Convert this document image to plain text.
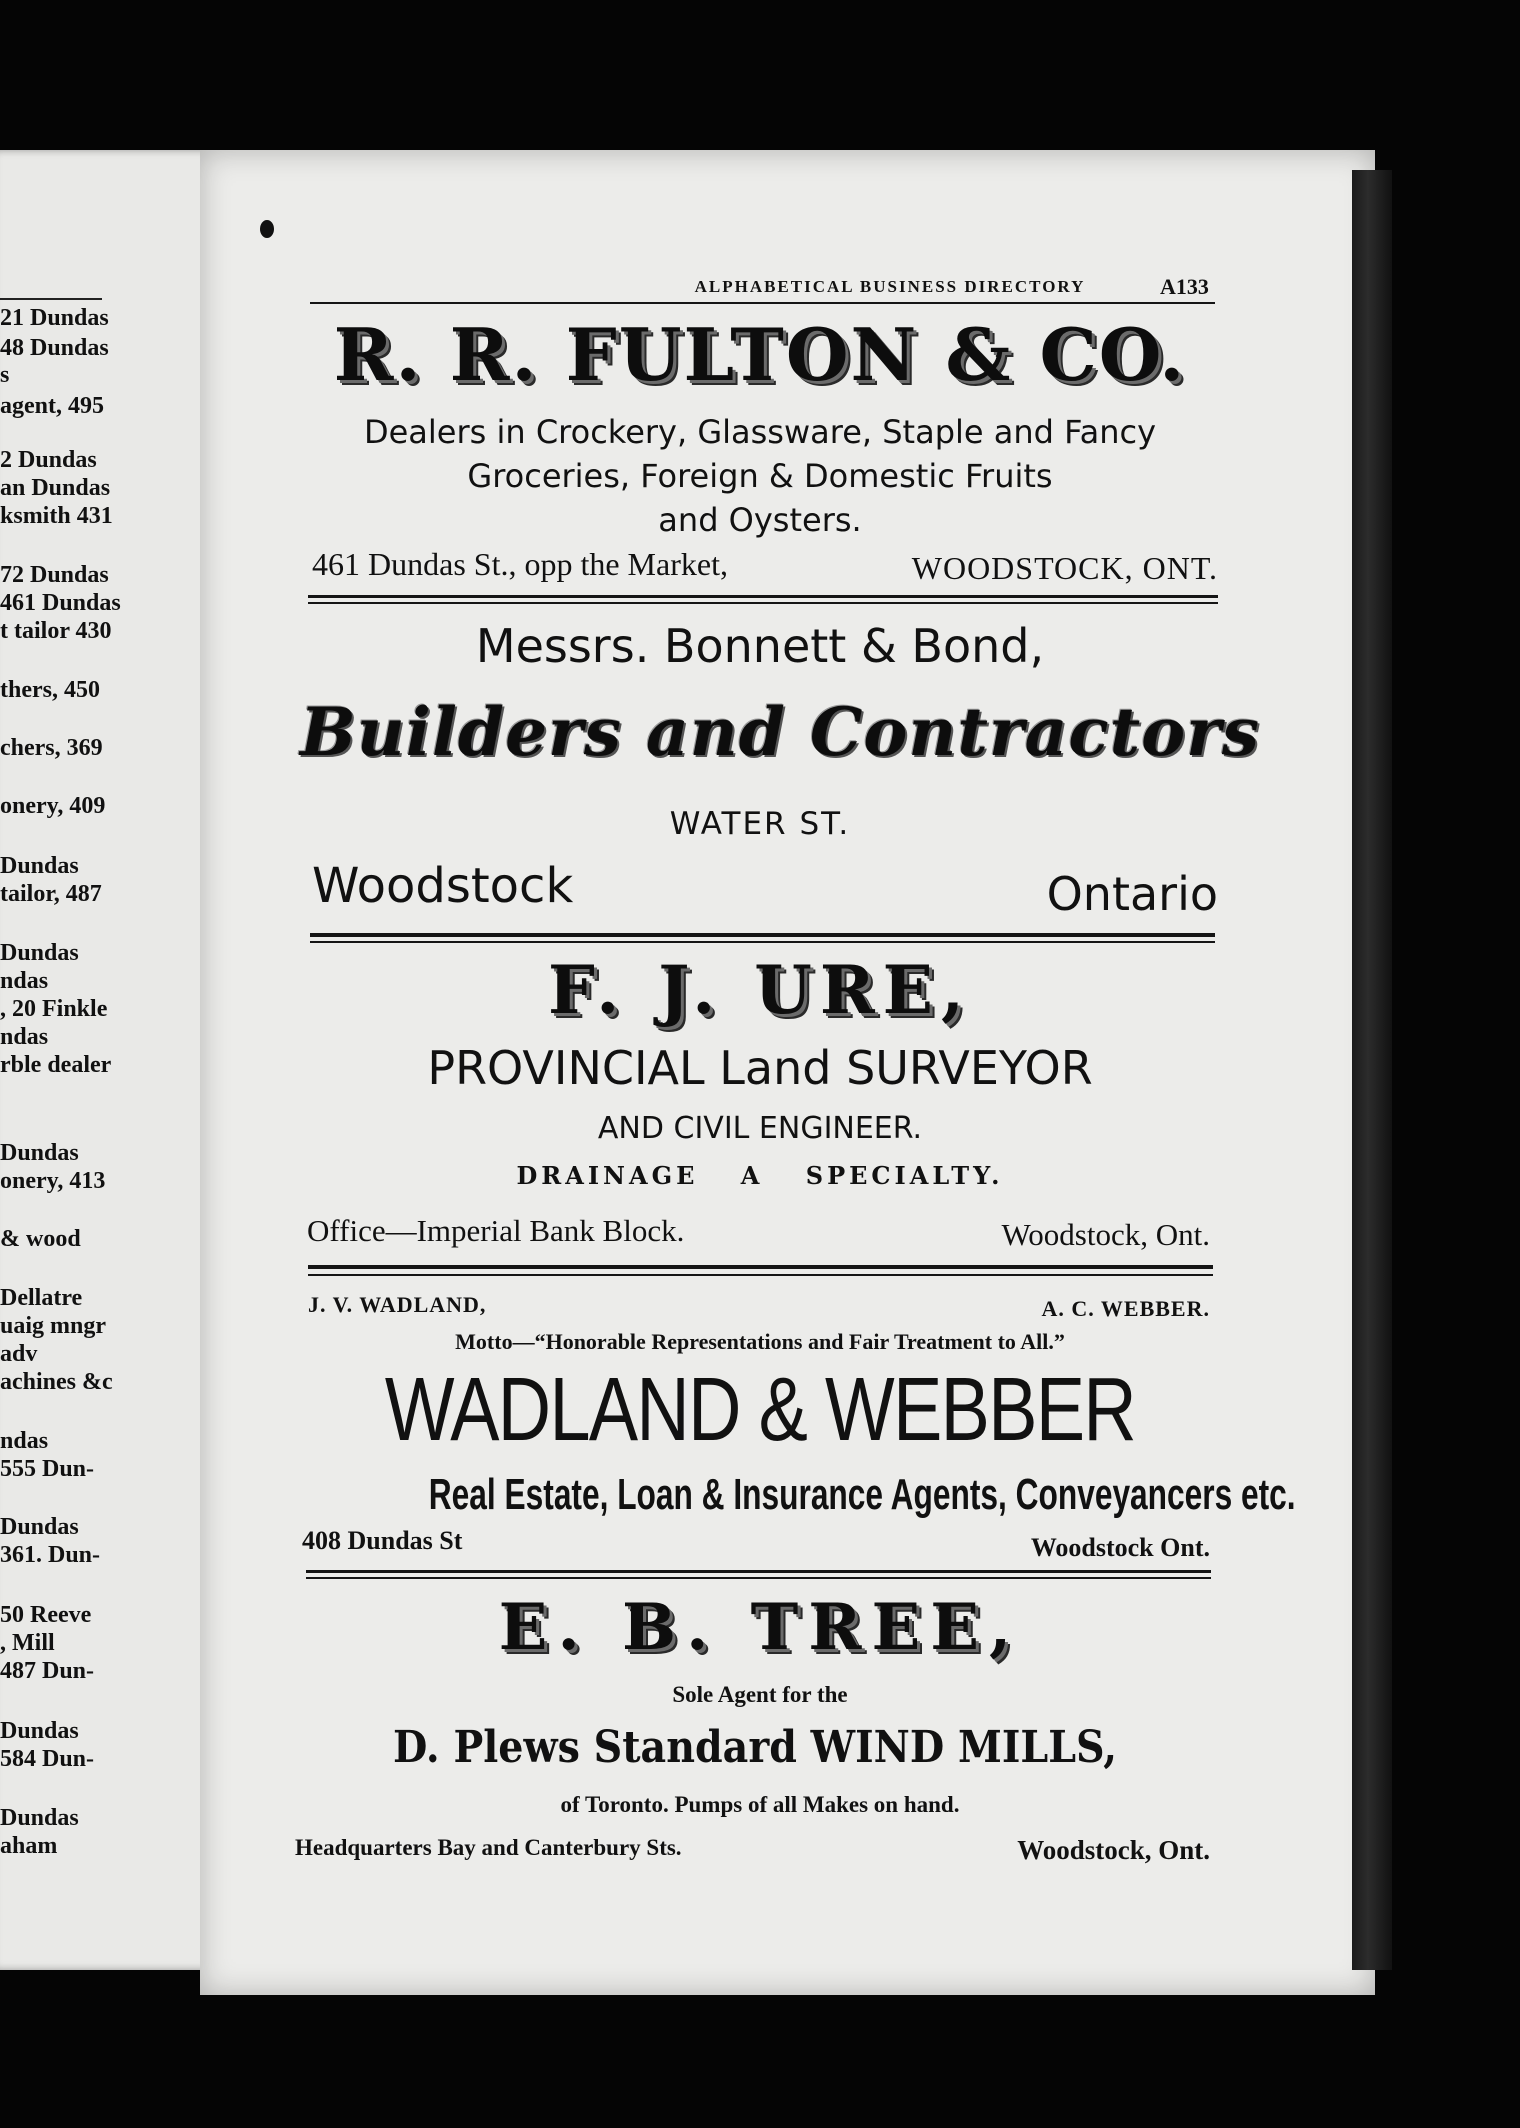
21 Dundas
48 Dundas
s
agent, 495
2 Dundas
an Dundas
ksmith 431
72 Dundas
461 Dundas
t tailor 430
thers, 450
chers, 369
onery, 409
Dundas
tailor, 487
Dundas
ndas
, 20 Finkle
ndas
rble dealer
Dundas
onery, 413
& wood
Dellatre
uaig mngr
adv
achines &c
ndas
555 Dun-
Dundas
361. Dun-
50 Reeve
, Mill
487 Dun-
Dundas
584 Dun-
Dundas
aham
ALPHABETICAL BUSINESS DIRECTORY	A133
R. R. FULTON & CO.
Dealers in Crockery, Glassware, Staple and Fancy
Groceries, Foreign & Domestic Fruits
and Oysters.
461 Dundas St., opp the Market,	WOODSTOCK, ONT.
Messrs. Bonnett & Bond,
Builders and Contractors
WATER ST.
Woodstock	Ontario
F. J. URE,
PROVINCIAL Land SURVEYOR
AND CIVIL ENGINEER.
DRAINAGE A SPECIALTY.
Office—Imperial Bank Block.	Woodstock, Ont.
J. V. WADLAND,	A. C. WEBBER.
Motto—“Honorable Representations and Fair Treatment to All.”
WADLAND & WEBBER
Real Estate, Loan & Insurance Agents, Conveyancers etc.
408 Dundas St	Woodstock Ont.
E. B. TREE,
Sole Agent for the
D. Plews Standard WIND MILLS,
of Toronto. Pumps of all Makes on hand.
Headquarters Bay and Canterbury Sts.	Woodstock, Ont.
